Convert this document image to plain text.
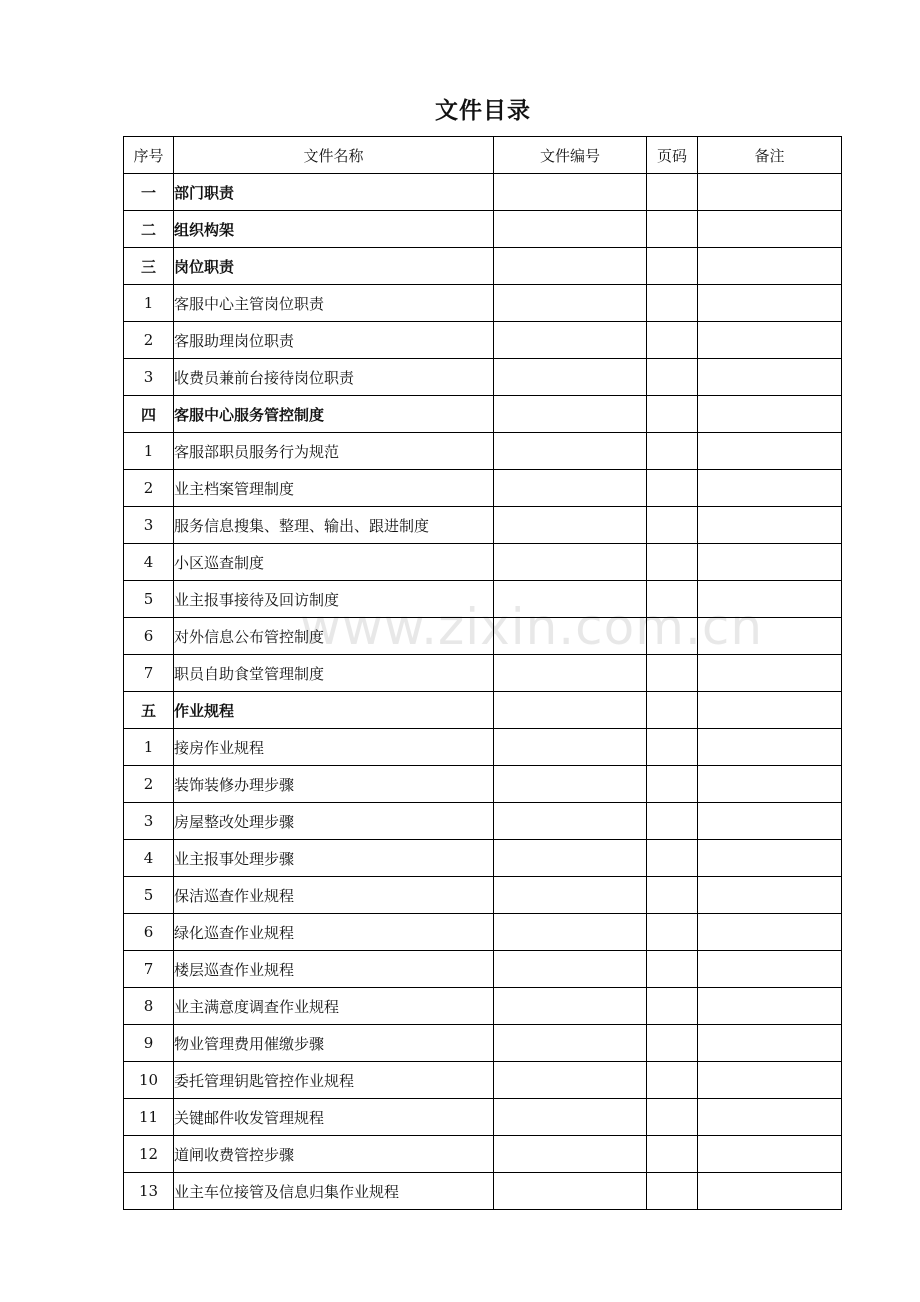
文件目录
序号	文件名称	文件编号	页码	备注
一	部门职责			
二	组织构架			
三	岗位职责			
1	客服中心主管岗位职责			
2	客服助理岗位职责			
3	收费员兼前台接待岗位职责			
四	客服中心服务管控制度			
1	客服部职员服务行为规范			
2	业主档案管理制度			
3	服务信息搜集、整理、输出、跟进制度			
4	小区巡查制度			
5	业主报事接待及回访制度			
6	对外信息公布管控制度			
7	职员自助食堂管理制度			
五	作业规程			
1	接房作业规程			
2	装饰装修办理步骤			
3	房屋整改处理步骤			
4	业主报事处理步骤			
5	保洁巡查作业规程			
6	绿化巡查作业规程			
7	楼层巡查作业规程			
8	业主满意度调查作业规程			
9	物业管理费用催缴步骤			
10	委托管理钥匙管控作业规程			
11	关键邮件收发管理规程			
12	道闸收费管控步骤			
13	业主车位接管及信息归集作业规程			
www.zixin.com.cn
